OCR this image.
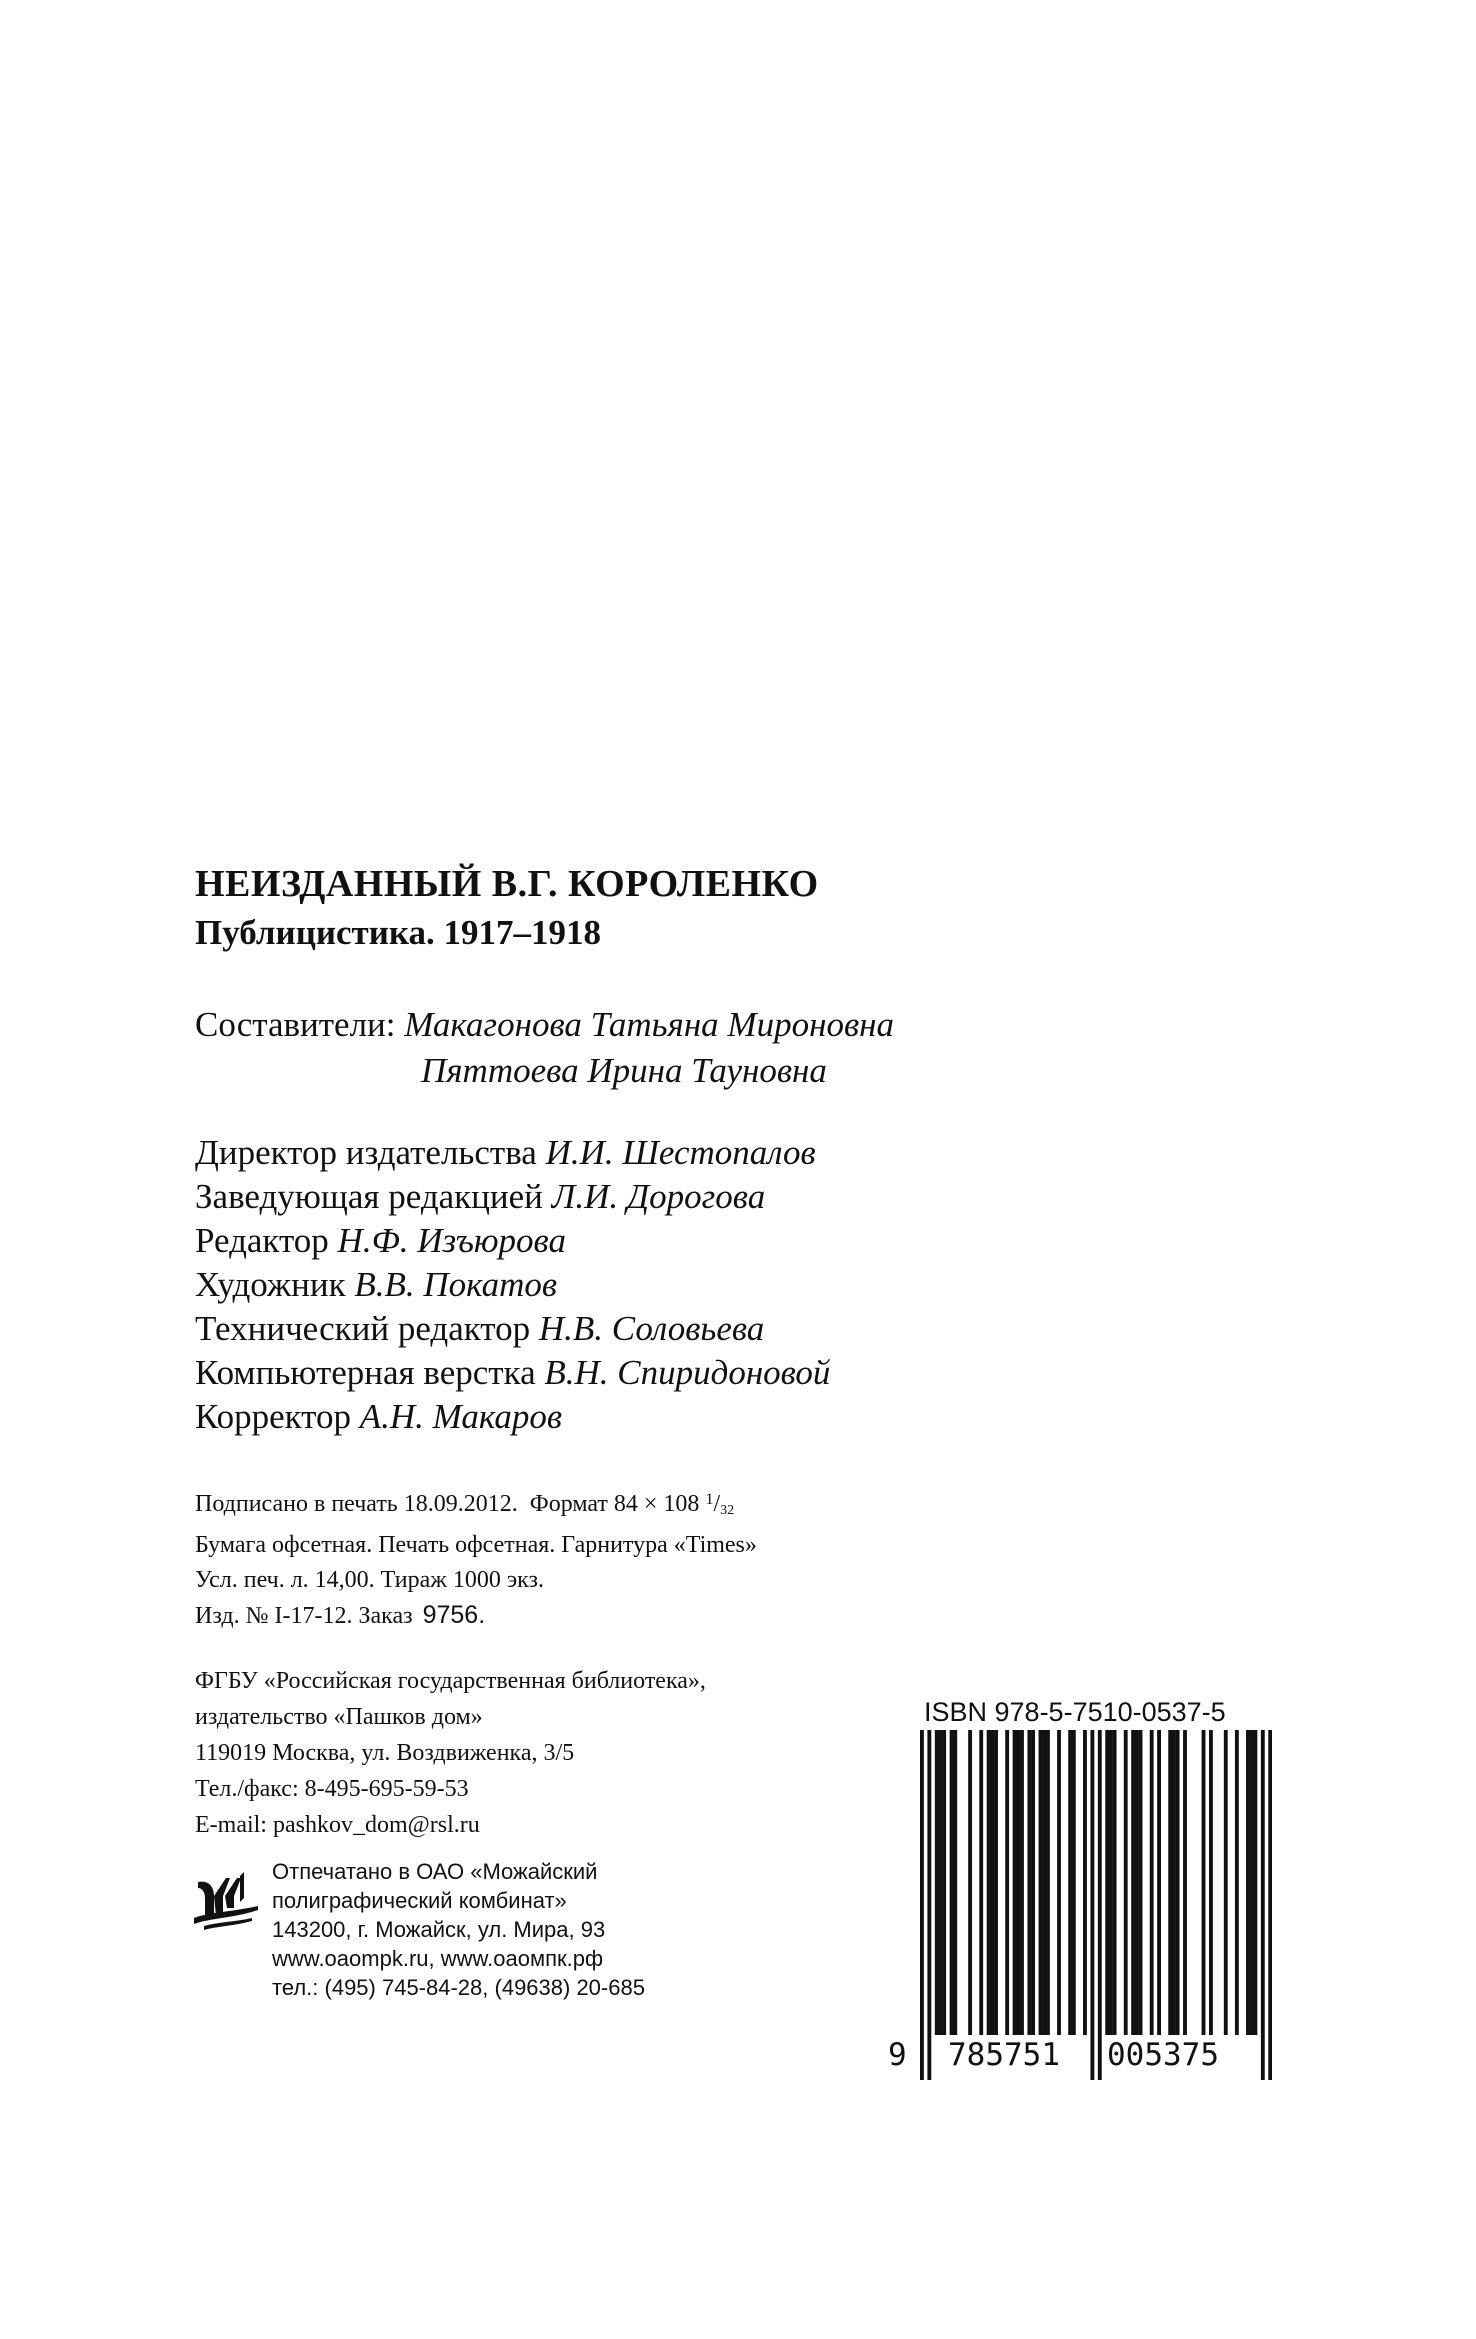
НЕИЗДАННЫЙ В.Г. КОРОЛЕНКО
Публицистика. 1917–1918
Составители: Макагонова Татьяна Мироновна
Пяттоева Ирина Тауновна
Директор издательства И.И. Шестопалов
Заведующая редакцией Л.И. Дорогова
Редактор Н.Ф. Изъюрова
Художник В.В. Покатов
Технический редактор Н.В. Соловьева
Компьютерная верстка В.Н. Спиридоновой
Корректор А.Н. Макаров
Подписано в печать 18.09.2012. Формат 84 × 108 $^1$/32
Бумага офсетная. Печать офсетная. Гарнитура «Times»
Усл. печ. л. 14,00. Тираж 1000 экз.
Изд. № I-17-12. Заказ 9756.
ФГБУ «Российская государственная библиотека»,
издательство «Пашков дом»
119019 Москва, ул. Воздвиженка, 3/5
Тел./факс: 8-495-695-59-53
E-mail: pashkov_dom@rsl.ru
Отпечатано в ОАО «Можайский
полиграфический комбинат»
143200, г. Можайск, ул. Мира, 93
www.oaompk.ru, www.оаомпк.рф
тел.: (495) 745-84-28, (49638) 20-685
ISBN 978-5-7510-0537-5
9 785751 005375
